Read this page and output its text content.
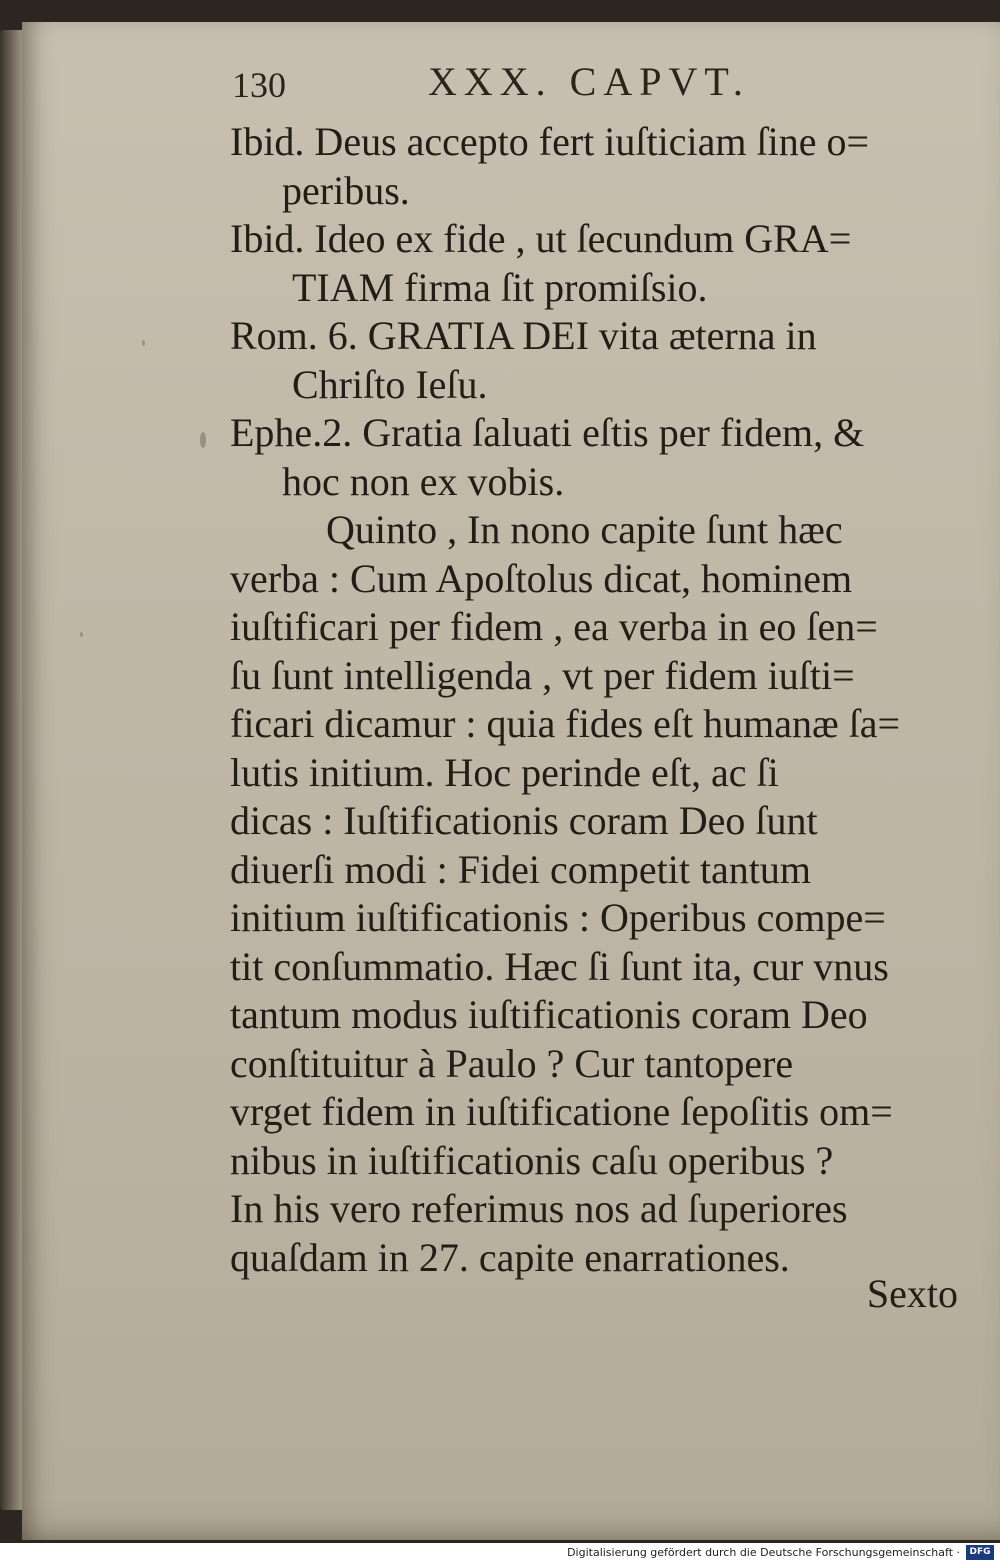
130	XXX. CAPVT.
Ibid. Deus accepto fert iuſticiam ſine o=
peribus.
Ibid. Ideo ex fide , ut ſecundum GRA=
TIAM firma ſit promiſsio.
Rom. 6. GRATIA DEI vita æterna in
Chriſto Ieſu.
Ephe.2. Gratia ſaluati eſtis per fidem, &
hoc non ex vobis.
Quinto , In nono capite ſunt hæc
verba : Cum Apoſtolus dicat, hominem
iuſtificari per fidem , ea verba in eo ſen=
ſu ſunt intelligenda , vt per fidem iuſti=
ficari dicamur : quia fides eſt humanæ ſa=
lutis initium. Hoc perinde eſt, ac ſi
dicas : Iuſtificationis coram Deo ſunt
diuerſi modi : Fidei competit tantum
initium iuſtificationis : Operibus compe=
tit conſummatio. Hæc ſi ſunt ita, cur vnus
tantum modus iuſtificationis coram Deo
conſtituitur à Paulo ? Cur tantopere
vrget fidem in iuſtificatione ſepoſitis om=
nibus in iuſtificationis caſu operibus ?
In his vero referimus nos ad ſuperiores
quaſdam in 27. capite enarrationes.
Sexto
Digitalisierung gefördert durch die Deutsche Forschungsgemeinschaft ·	DFG
